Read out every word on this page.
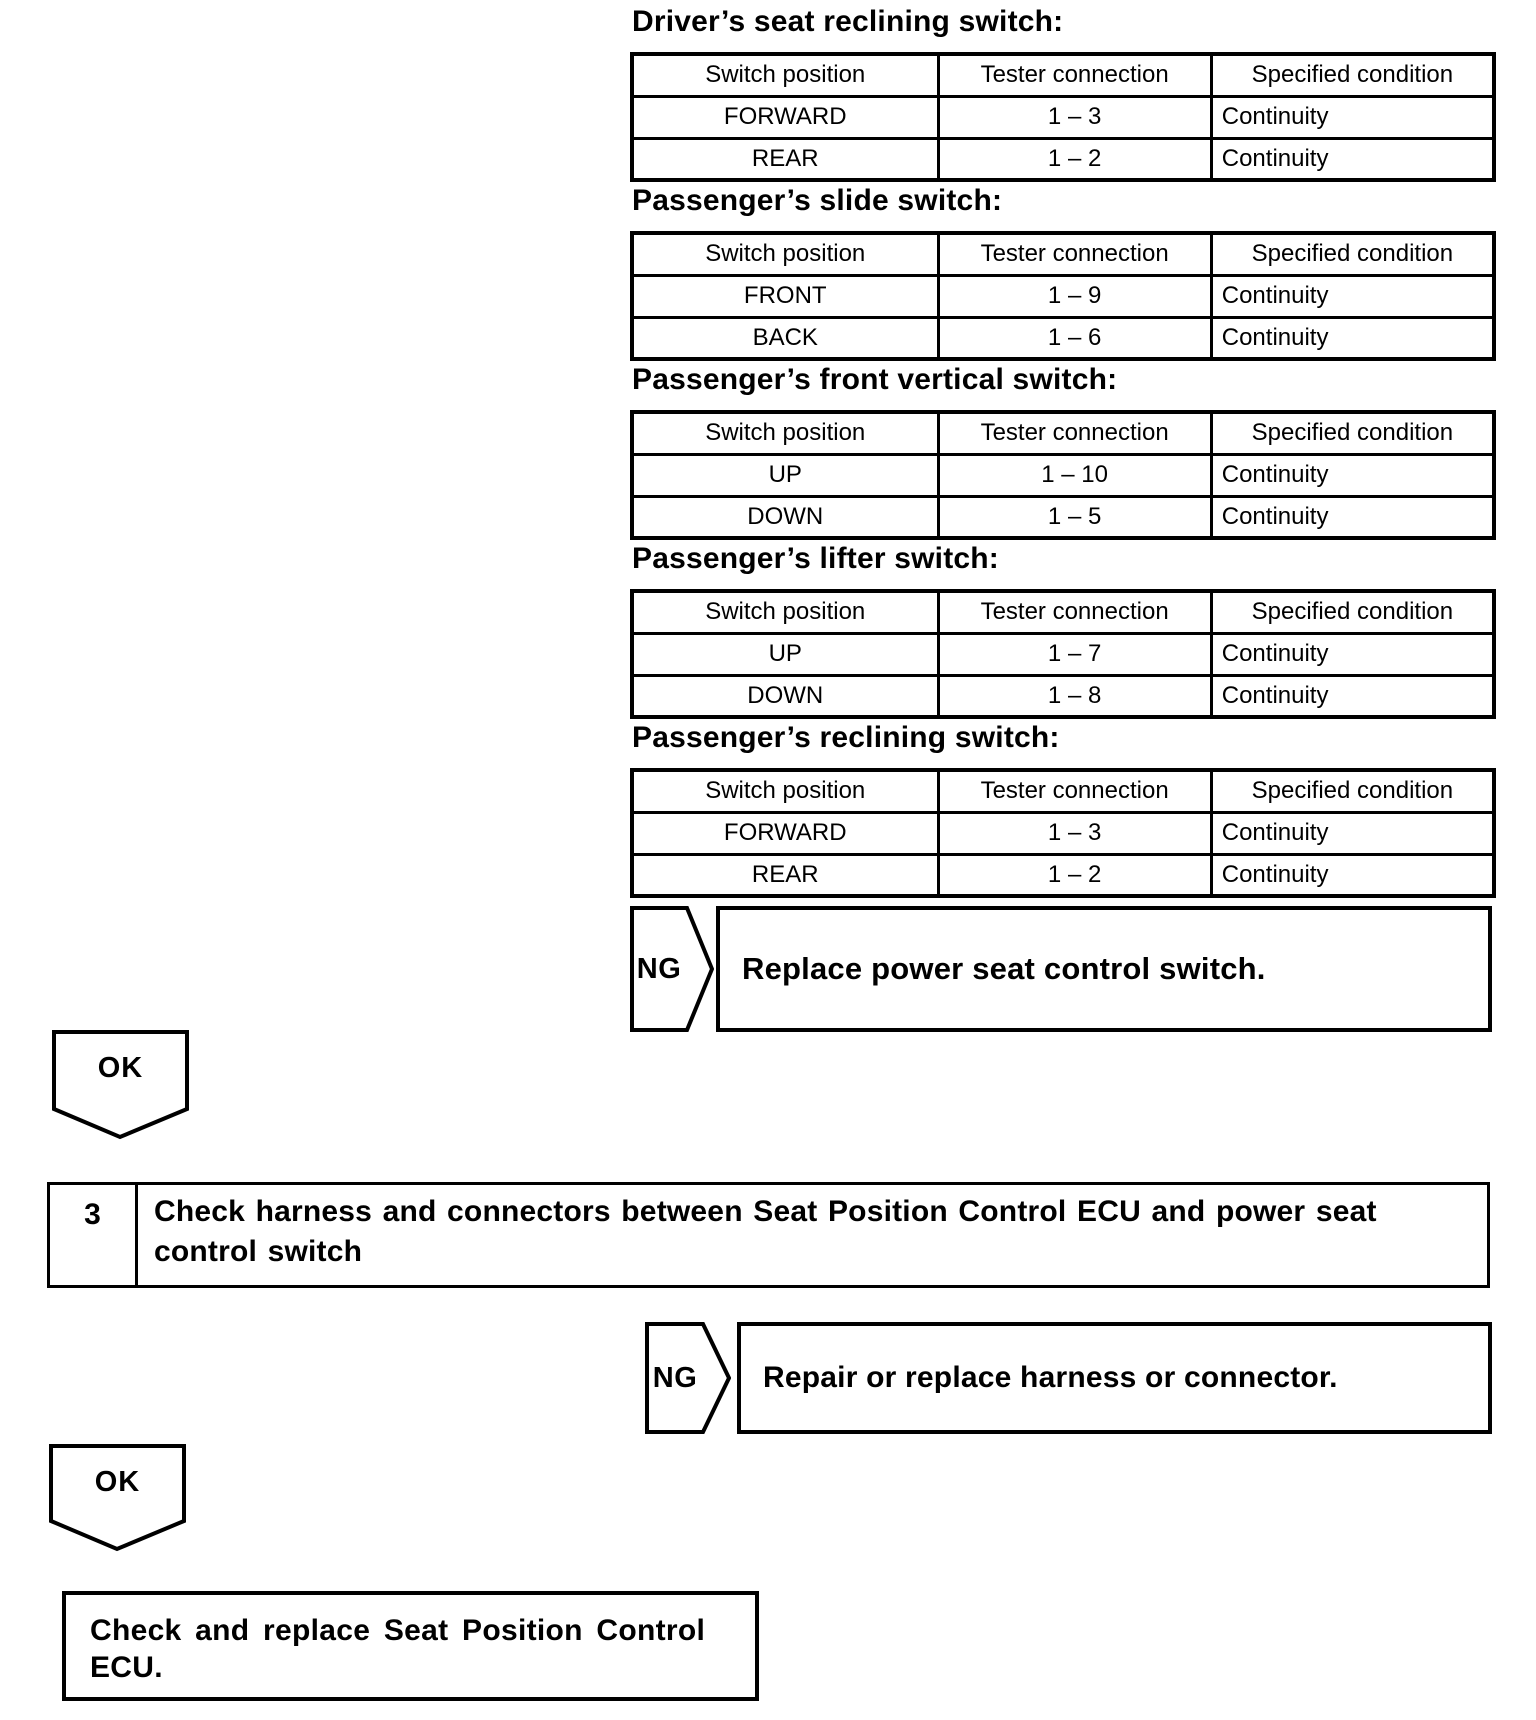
Driver’s seat reclining switch:
Switch position	Tester connection	Specified condition
FORWARD	1 – 3	Continuity
REAR	1 – 2	Continuity
Passenger’s slide switch:
Switch position	Tester connection	Specified condition
FRONT	1 – 9	Continuity
BACK	1 – 6	Continuity
Passenger’s front vertical switch:
Switch position	Tester connection	Specified condition
UP	1 – 10	Continuity
DOWN	1 – 5	Continuity
Passenger’s lifter switch:
Switch position	Tester connection	Specified condition
UP	1 – 7	Continuity
DOWN	1 – 8	Continuity
Passenger’s reclining switch:
Switch position	Tester connection	Specified condition
FORWARD	1 – 3	Continuity
REAR	1 – 2	Continuity
NG	Replace power seat control switch.
OK
3	Check harness and connectors between Seat Position Control ECU and power seat control switch
NG	Repair or replace harness or connector.
OK
Check and replace Seat Position Control ECU.
